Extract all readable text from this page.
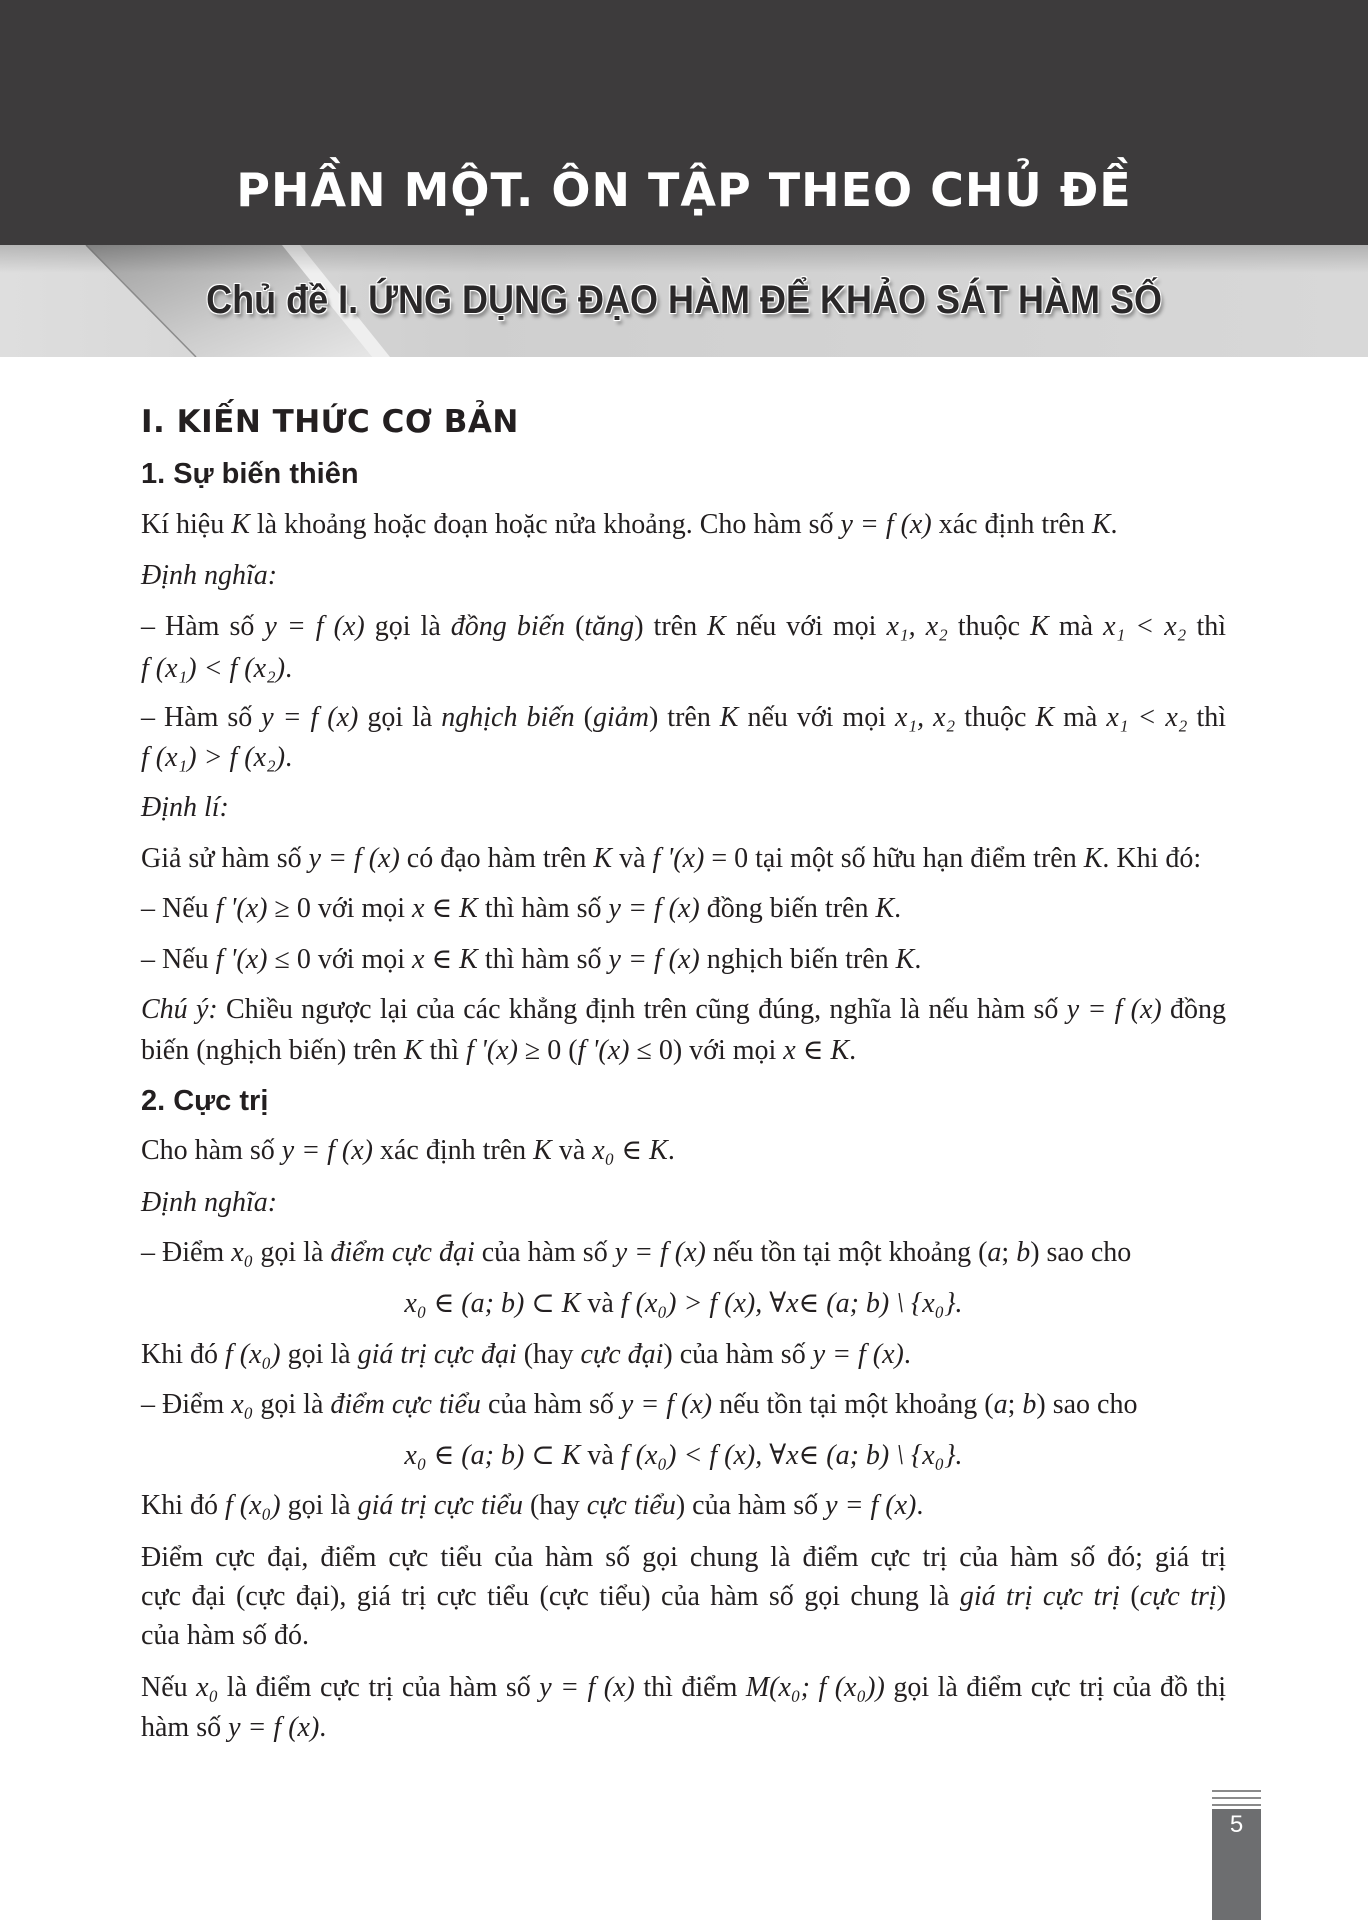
PHẦN MỘT. ÔN TẬP THEO CHỦ ĐỀ
Chủ đề I. ỨNG DỤNG ĐẠO HÀM ĐỂ KHẢO SÁT HÀM SỐ
I. KIẾN THỨC CƠ BẢN
1. Sự biến thiên
2. Cực trị
Kí hiệu K là khoảng hoặc đoạn hoặc nửa khoảng. Cho hàm số y = f (x) xác định trên K.
Định nghĩa:
– Hàm số y = f (x) gọi là đồng biến (tăng) trên K nếu với mọi x₁, x₂ thuộc K mà x₁ < x₂ thì
f (x₁) < f (x₂).
– Hàm số y = f (x) gọi là nghịch biến (giảm) trên K nếu với mọi x₁, x₂ thuộc K mà x₁ < x₂ thì
f (x₁) > f (x₂).
Định lí:
Giả sử hàm số y = f (x) có đạo hàm trên K và f '(x) = 0 tại một số hữu hạn điểm trên K. Khi đó:
– Nếu f '(x) ≥ 0 với mọi x ∈ K thì hàm số y = f (x) đồng biến trên K.
– Nếu f '(x) ≤ 0 với mọi x ∈ K thì hàm số y = f (x) nghịch biến trên K.
Chú ý: Chiều ngược lại của các khẳng định trên cũng đúng, nghĩa là nếu hàm số y = f (x) đồng
biến (nghịch biến) trên K thì f '(x) ≥ 0 (f '(x) ≤ 0) với mọi x ∈ K.
Cho hàm số y = f (x) xác định trên K và x₀ ∈ K.
Định nghĩa:
– Điểm x₀ gọi là điểm cực đại của hàm số y = f (x) nếu tồn tại một khoảng (a; b) sao cho
x₀ ∈ (a; b) ⊂ K và f (x₀) > f (x), ∀x∈ (a; b) \ {x₀}.
Khi đó f (x₀) gọi là giá trị cực đại (hay cực đại) của hàm số y = f (x).
– Điểm x₀ gọi là điểm cực tiểu của hàm số y = f (x) nếu tồn tại một khoảng (a; b) sao cho
x₀ ∈ (a; b) ⊂ K và f (x₀) < f (x), ∀x∈ (a; b) \ {x₀}.
Khi đó f (x₀) gọi là giá trị cực tiểu (hay cực tiểu) của hàm số y = f (x).
Điểm cực đại, điểm cực tiểu của hàm số gọi chung là điểm cực trị của hàm số đó; giá trị
cực đại (cực đại), giá trị cực tiểu (cực tiểu) của hàm số gọi chung là giá trị cực trị (cực trị)
của hàm số đó.
Nếu x₀ là điểm cực trị của hàm số y = f (x) thì điểm M(x₀; f (x₀)) gọi là điểm cực trị của đồ thị
hàm số y = f (x).
5
